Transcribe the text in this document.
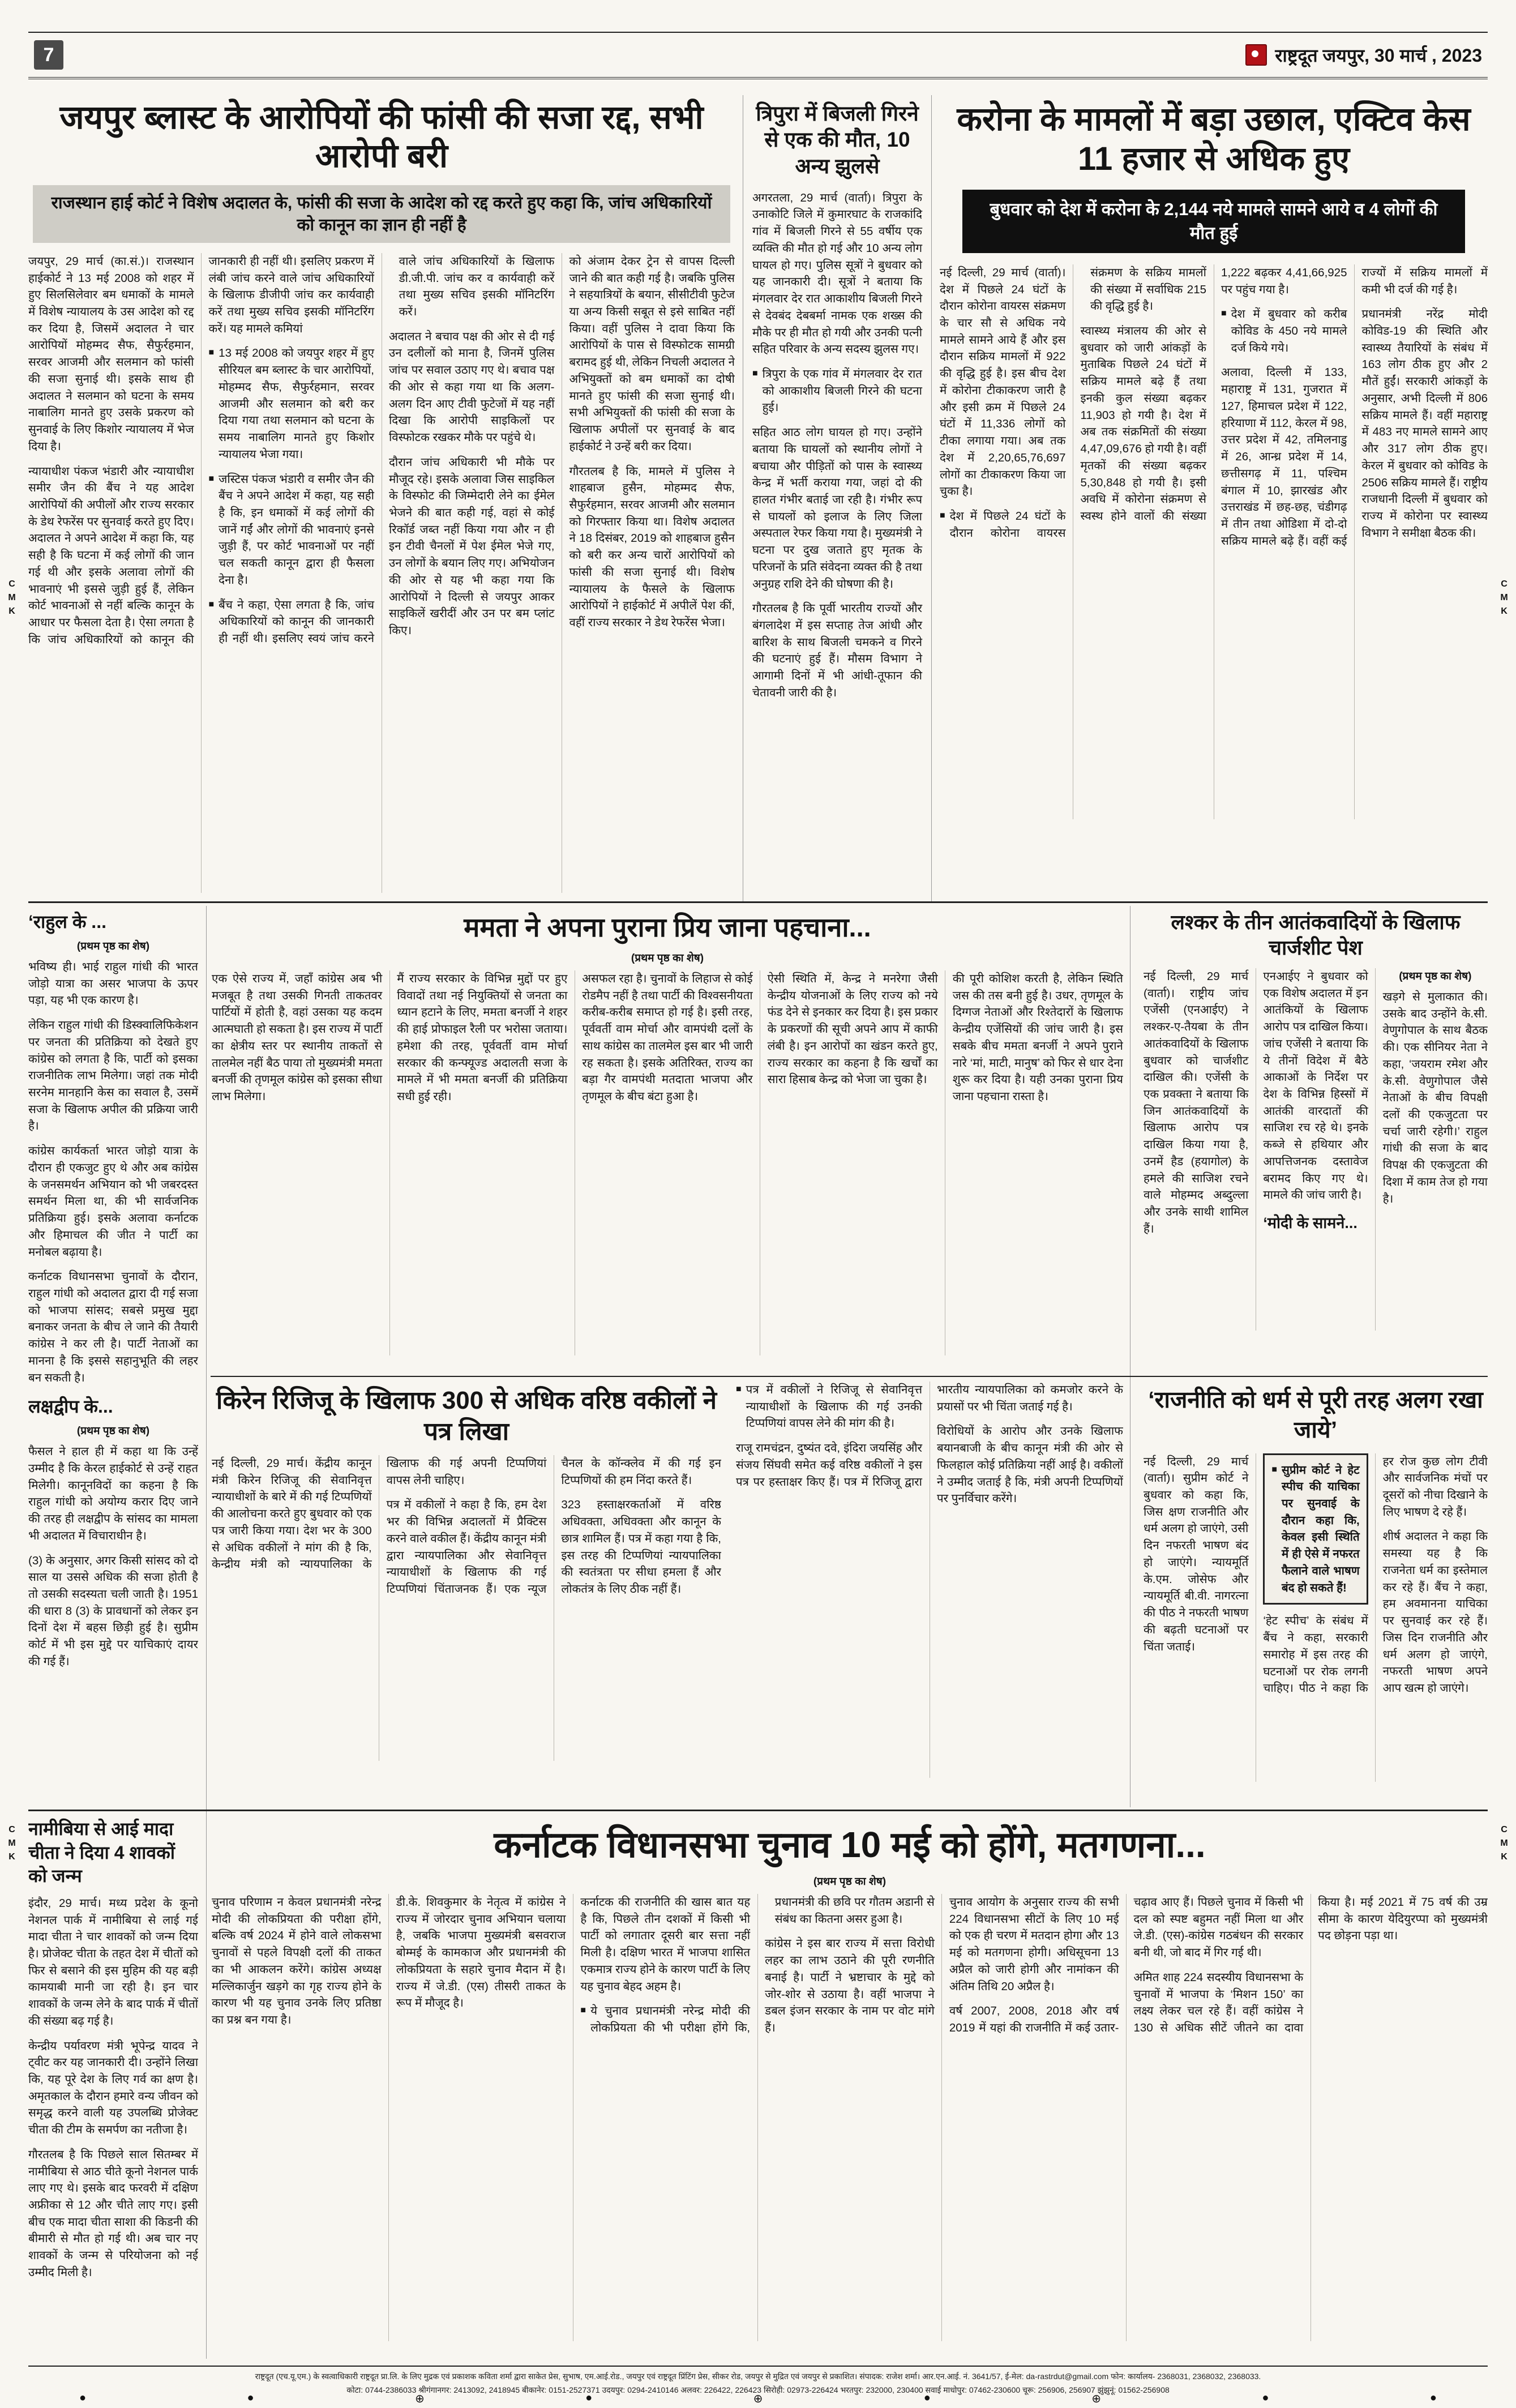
7	राष्ट्रदूत जयपुर, 30 मार्च , 2023
जयपुर ब्लास्ट के आरोपियों की फांसी की सजा रद्द, सभी आरोपी बरी
राजस्थान हाई कोर्ट ने विशेष अदालत के, फांसी की सजा के आदेश को रद्द करते हुए कहा कि, जांच अधिकारियों को कानून का ज्ञान ही नहीं है

जयपुर, 29 मार्च (का.सं.)। राजस्थान हाईकोर्ट ने 13 मई 2008 को शहर में हुए सिलसिलेवार बम धमाकों के मामले में विशेष न्यायालय के उस आदेश को रद्द कर दिया है, जिसमें अदालत ने चार आरोपियों मोहम्मद सैफ, सैफुर्रहमान, सरवर आजमी और सलमान को फांसी की सजा सुनाई थी। इसके साथ ही अदालत ने सलमान को घटना के समय नाबालिग मानते हुए उसके प्रकरण को सुनवाई के लिए किशोर न्यायालय में भेज दिया है।

न्यायाधीश पंकज भंडारी और न्यायाधीश समीर जैन की बैंच ने यह आदेश आरोपियों की अपीलों और राज्य सरकार के डेथ रेफरेंस पर सुनवाई करते हुए दिए। अदालत ने अपने आदेश में कहा कि, यह सही है कि घटना में कई लोगों की जान गई थी और इसके अलावा लोगों की भावनाएं भी इससे जुड़ी हुई हैं, लेकिन कोर्ट भावनाओं से नहीं बल्कि कानून के आधार पर फैसला देता है। ऐसा लगता है कि जांच अधिकारियों को कानून की जानकारी ही नहीं थी। इसलिए प्रकरण में लंबी जांच करने वाले जांच अधिकारियों के खिलाफ डीजीपी जांच कर कार्यवाही करें तथा मुख्य सचिव इसकी मॉनिटरिंग करें। यह मामले कमियां

■ 13 मई 2008 को जयपुर शहर में हुए सीरियल बम ब्लास्ट के चार आरोपियों, मोहम्मद सैफ, सैफुर्रहमान, सरवर आजमी और सलमान को बरी कर दिया गया तथा सलमान को घटना के समय नाबालिग मानते हुए किशोर न्यायालय भेजा गया।

■ जस्टिस पंकज भंडारी व समीर जैन की बैंच ने अपने आदेश में कहा, यह सही है कि, इन धमाकों में कई लोगों की जानें गईं और लोगों की भावनाएं इनसे जुड़ी हैं, पर कोर्ट भावनाओं पर नहीं चल सकती कानून द्वारा ही फैसला देना है।

■ बैंच ने कहा, ऐसा लगता है कि, जांच अधिकारियों को कानून की जानकारी ही नहीं थी। इसलिए स्वयं जांच करने वाले जांच अधिकारियों के खिलाफ डी.जी.पी. जांच कर व कार्यवाही करें तथा मुख्य सचिव इसकी मॉनिटरिंग करें।

अदालत ने बचाव पक्ष की ओर से दी गई उन दलीलों को माना है, जिनमें पुलिस जांच पर सवाल उठाए गए थे। बचाव पक्ष की ओर से कहा गया था कि अलग-अलग दिन आए टीवी फुटेजों में यह नहीं दिखा कि आरोपी साइकिलों पर विस्फोटक रखकर मौके पर पहुंचे थे।

दौरान जांच अधिकारी भी मौके पर मौजूद रहे। इसके अलावा जिस साइकिल के विस्फोट की जिम्मेदारी लेने का ईमेल भेजने की बात कही गई, वहां से कोई रिकॉर्ड जब्त नहीं किया गया और न ही इन टीवी चैनलों में पेश ईमेल भेजे गए, उन लोगों के बयान लिए गए। अभियोजन की ओर से यह भी कहा गया कि आरोपियों ने दिल्ली से जयपुर आकर साइकिलें खरीदीं और उन पर बम प्लांट किए।

को अंजाम देकर ट्रेन से वापस दिल्ली जाने की बात कही गई है। जबकि पुलिस ने सहयात्रियों के बयान, सीसीटीवी फुटेज या अन्य किसी सबूत से इसे साबित नहीं किया। वहीं पुलिस ने दावा किया कि आरोपियों के पास से विस्फोटक सामग्री बरामद हुई थी, लेकिन निचली अदालत ने अभियुक्तों को बम धमाकों का दोषी मानते हुए फांसी की सजा सुनाई थी। सभी अभियुक्तों की फांसी की सजा के खिलाफ अपीलों पर सुनवाई के बाद हाईकोर्ट ने उन्हें बरी कर दिया।

गौरतलब है कि, मामले में पुलिस ने शाहबाज हुसैन, मोहम्मद सैफ, सैफुर्रहमान, सरवर आजमी और सलमान को गिरफ्तार किया था। विशेष अदालत ने 18 दिसंबर, 2019 को शाहबाज हुसैन को बरी कर अन्य चारों आरोपियों को फांसी की सजा सुनाई थी। विशेष न्यायालय के फैसले के खिलाफ आरोपियों ने हाईकोर्ट में अपीलें पेश कीं, वहीं राज्य सरकार ने डेथ रेफरेंस भेजा।

त्रिपुरा में बिजली गिरने से एक की मौत, 10 अन्य झुलसे

अगरतला, 29 मार्च (वार्ता)। त्रिपुरा के उनाकोटि जिले में कुमारघाट के राजकांदि गांव में बिजली गिरने से 55 वर्षीय एक व्यक्ति की मौत हो गई और 10 अन्य लोग घायल हो गए। पुलिस सूत्रों ने बुधवार को यह जानकारी दी। सूत्रों ने बताया कि मंगलवार देर रात आकाशीय बिजली गिरने से देवबंद देबबर्मा नामक एक शख्स की मौके पर ही मौत हो गयी और उनकी पत्नी सहित परिवार के अन्य सदस्य झुलस गए।

■ त्रिपुरा के एक गांव में मंगलवार देर रात को आकाशीय बिजली गिरने की घटना हुई।

सहित आठ लोग घायल हो गए। उन्होंने बताया कि घायलों को स्थानीय लोगों ने बचाया और पीड़ितों को पास के स्वास्थ्य केन्द्र में भर्ती कराया गया, जहां दो की हालत गंभीर बताई जा रही है। गंभीर रूप से घायलों को इलाज के लिए जिला अस्पताल रेफर किया गया है। मुख्यमंत्री ने घटना पर दुख जताते हुए मृतक के परिजनों के प्रति संवेदना व्यक्त की है तथा अनुग्रह राशि देने की घोषणा की है।

गौरतलब है कि पूर्वी भारतीय राज्यों और बंगलादेश में इस सप्ताह तेज आंधी और बारिश के साथ बिजली चमकने व गिरने की घटनाएं हुई हैं। मौसम विभाग ने आगामी दिनों में भी आंधी-तूफान की चेतावनी जारी की है।

करोना के मामलों में बड़ा उछाल, एक्टिव केस 11 हजार से अधिक हुए
बुधवार को देश में करोना के 2,144 नये मामले सामने आये व 4 लोगों की मौत हुई

नई दिल्ली, 29 मार्च (वार्ता)। देश में पिछले 24 घंटों के दौरान कोरोना वायरस संक्रमण के चार सौ से अधिक नये मामले सामने आये हैं और इस दौरान सक्रिय मामलों में 922 की वृद्धि हुई है। इस बीच देश में कोरोना टीकाकरण जारी है और इसी क्रम में पिछले 24 घंटों में 11,336 लोगों को टीका लगाया गया। अब तक देश में 2,20,65,76,697 लोगों का टीकाकरण किया जा चुका है।

■ देश में पिछले 24 घंटों के दौरान कोरोना वायरस संक्रमण के सक्रिय मामलों की संख्या में सर्वाधिक 215 की वृद्धि हुई है।

स्वास्थ्य मंत्रालय की ओर से बुधवार को जारी आंकड़ों के मुताबिक पिछले 24 घंटों में सक्रिय मामले बढ़े हैं तथा इनकी कुल संख्या बढ़कर 11,903 हो गयी है। देश में अब तक संक्रमितों की संख्या 4,47,09,676 हो गयी है। वहीं मृतकों की संख्या बढ़कर 5,30,848 हो गयी है। इसी अवधि में कोरोना संक्रमण से स्वस्थ होने वालों की संख्या 1,222 बढ़कर 4,41,66,925 पर पहुंच गया है।

■ देश में बुधवार को करीब कोविड के 450 नये मामले दर्ज किये गये।

अलावा, दिल्ली में 133, महाराष्ट्र में 131, गुजरात में 127, हिमाचल प्रदेश में 122, हरियाणा में 112, केरल में 98, उत्तर प्रदेश में 42, तमिलनाडु में 26, आन्ध्र प्रदेश में 14, छत्तीसगढ़ में 11, पश्चिम बंगाल में 10, झारखंड और उत्तराखंड में छह-छह, चंडीगढ़ में तीन तथा ओडिशा में दो-दो सक्रिय मामले बढ़े हैं। वहीं कई राज्यों में सक्रिय मामलों में कमी भी दर्ज की गई है।

प्रधानमंत्री नरेंद्र मोदी कोविड-19 की स्थिति और स्वास्थ्य तैयारियों के संबंध में 163 लोग ठीक हुए और 2 मौतें हुईं। सरकारी आंकड़ों के अनुसार, अभी दिल्ली में 806 सक्रिय मामले हैं। वहीं महाराष्ट्र में 483 नए मामले सामने आए और 317 लोग ठीक हुए। केरल में बुधवार को कोविड के 2506 सक्रिय मामले हैं। राष्ट्रीय राजधानी दिल्ली में बुधवार को राज्य में कोरोना पर स्वास्थ्य विभाग ने समीक्षा बैठक की।

‘राहुल के ...
(प्रथम पृष्ठ का शेष)

भविष्य ही। भाई राहुल गांधी की भारत जोड़ो यात्रा का असर भाजपा के ऊपर पड़ा, यह भी एक कारण है।

लेकिन राहुल गांधी की डिस्क्वालिफिकेशन पर जनता की प्रतिक्रिया को देखते हुए कांग्रेस को लगता है कि, पार्टी को इसका राजनीतिक लाभ मिलेगा। जहां तक मोदी सरनेम मानहानि केस का सवाल है, उसमें सजा के खिलाफ अपील की प्रक्रिया जारी है।

कांग्रेस कार्यकर्ता भारत जोड़ो यात्रा के दौरान ही एकजुट हुए थे और अब कांग्रेस के जनसमर्थन अभियान को भी जबरदस्त समर्थन मिला था, की भी सार्वजनिक प्रतिक्रिया हुई। इसके अलावा कर्नाटक और हिमाचल की जीत ने पार्टी का मनोबल बढ़ाया है।

कर्नाटक विधानसभा चुनावों के दौरान, राहुल गांधी को अदालत द्वारा दी गई सजा को भाजपा सांसद; सबसे प्रमुख मुद्दा बनाकर जनता के बीच ले जाने की तैयारी कांग्रेस ने कर ली है। पार्टी नेताओं का मानना है कि इससे सहानुभूति की लहर बन सकती है।

लक्षद्वीप के...
(प्रथम पृष्ठ का शेष)

फैसल ने हाल ही में कहा था कि उन्हें उम्मीद है कि केरल हाईकोर्ट से उन्हें राहत मिलेगी। कानूनविदों का कहना है कि राहुल गांधी को अयोग्य करार दिए जाने की तरह ही लक्षद्वीप के सांसद का मामला भी अदालत में विचाराधीन है।

(3) के अनुसार, अगर किसी सांसद को दो साल या उससे अधिक की सजा होती है तो उसकी सदस्यता चली जाती है। 1951 की धारा 8 (3) के प्रावधानों को लेकर इन दिनों देश में बहस छिड़ी हुई है। सुप्रीम कोर्ट में भी इस मुद्दे पर याचिकाएं दायर की गई हैं।

ममता ने अपना पुराना प्रिय जाना पहचाना...
(प्रथम पृष्ठ का शेष)

एक ऐसे राज्य में, जहाँ कांग्रेस अब भी मजबूत है तथा उसकी गिनती ताकतवर पार्टियों में होती है, वहां उसका यह कदम आत्मघाती हो सकता है। इस राज्य में पार्टी का क्षेत्रीय स्तर पर स्थानीय ताकतों से तालमेल नहीं बैठ पाया तो मुख्यमंत्री ममता बनर्जी की तृणमूल कांग्रेस को इसका सीधा लाभ मिलेगा।

मैं राज्य सरकार के विभिन्न मुद्दों पर हुए विवादों तथा नई नियुक्तियों से जनता का ध्यान हटाने के लिए, ममता बनर्जी ने शहर की हाई प्रोफाइल रैली पर भरोसा जताया। हमेशा की तरह, पूर्ववर्ती वाम मोर्चा सरकार की कन्फ्यूज्ड अदालती सजा के मामले में भी ममता बनर्जी की प्रतिक्रिया सधी हुई रही।

असफल रहा है। चुनावों के लिहाज से कोई रोडमैप नहीं है तथा पार्टी की विश्वसनीयता करीब-करीब समाप्त हो गई है। इसी तरह, पूर्ववर्ती वाम मोर्चा और वामपंथी दलों के साथ कांग्रेस का तालमेल इस बार भी जारी रह सकता है। इसके अतिरिक्त, राज्य का बड़ा गैर वामपंथी मतदाता भाजपा और तृणमूल के बीच बंटा हुआ है।

ऐसी स्थिति में, केन्द्र ने मनरेगा जैसी केन्द्रीय योजनाओं के लिए राज्य को नये फंड देने से इनकार कर दिया है। इस प्रकार के प्रकरणों की सूची अपने आप में काफी लंबी है। इन आरोपों का खंडन करते हुए, राज्य सरकार का कहना है कि खर्चों का सारा हिसाब केन्द्र को भेजा जा चुका है।

की पूरी कोशिश करती है, लेकिन स्थिति जस की तस बनी हुई है। उधर, तृणमूल के दिग्गज नेताओं और रिश्तेदारों के खिलाफ केन्द्रीय एजेंसियों की जांच जारी है। इस सबके बीच ममता बनर्जी ने अपने पुराने नारे ‘मां, माटी, मानुष’ को फिर से धार देना शुरू कर दिया है। यही उनका पुराना प्रिय जाना पहचाना रास्ता है।

लश्कर के तीन आतंकवादियों के खिलाफ चार्जशीट पेश

नई दिल्ली, 29 मार्च (वार्ता)। राष्ट्रीय जांच एजेंसी (एनआईए) ने लश्कर-ए-तैयबा के तीन आतंकवादियों के खिलाफ बुधवार को चार्जशीट दाखिल की। एजेंसी के एक प्रवक्ता ने बताया कि जिन आतंकवादियों के खिलाफ आरोप पत्र दाखिल किया गया है, उनमें हैड (हयागोल) के हमले की साजिश रचने वाले मोहम्मद अब्दुल्ला और उनके साथी शामिल हैं।

एनआईए ने बुधवार को एक विशेष अदालत में इन आतंकियों के खिलाफ आरोप पत्र दाखिल किया। जांच एजेंसी ने बताया कि ये तीनों विदेश में बैठे आकाओं के निर्देश पर देश के विभिन्न हिस्सों में आतंकी वारदातों की साजिश रच रहे थे। इनके कब्जे से हथियार और आपत्तिजनक दस्तावेज बरामद किए गए थे। मामले की जांच जारी है।

‘मोदी के सामने...
(प्रथम पृष्ठ का शेष)

खड़गे से मुलाकात की। उसके बाद उन्होंने के.सी. वेणुगोपाल के साथ बैठक की। एक सीनियर नेता ने कहा, ‘जयराम रमेश और के.सी. वेणुगोपाल जैसे नेताओं के बीच विपक्षी दलों की एकजुटता पर चर्चा जारी रहेगी।’ राहुल गांधी की सजा के बाद विपक्ष की एकजुटता की दिशा में काम तेज हो गया है।

किरेन रिजिजू के खिलाफ 300 से अधिक वरिष्ठ वकीलों ने पत्र लिखा

नई दिल्ली, 29 मार्च। केंद्रीय कानून मंत्री किरेन रिजिजू की सेवानिवृत्त न्यायाधीशों के बारे में की गई टिप्पणियों की आलोचना करते हुए बुधवार को एक पत्र जारी किया गया। देश भर के 300 से अधिक वकीलों ने मांग की है कि, केन्द्रीय मंत्री को न्यायपालिका के खिलाफ की गई अपनी टिप्पणियां वापस लेनी चाहिए।

पत्र में वकीलों ने कहा है कि, हम देश भर की विभिन्न अदालतों में प्रैक्टिस करने वाले वकील हैं। केंद्रीय कानून मंत्री द्वारा न्यायपालिका और सेवानिवृत्त न्यायाधीशों के खिलाफ की गई टिप्पणियां चिंताजनक हैं। एक न्यूज चैनल के कॉन्क्लेव में की गई इन टिप्पणियों की हम निंदा करते हैं।

323 हस्ताक्षरकर्ताओं में वरिष्ठ अधिवक्ता, अधिवक्ता और कानून के छात्र शामिल हैं। पत्र में कहा गया है कि, इस तरह की टिप्पणियां न्यायपालिका की स्वतंत्रता पर सीधा हमला हैं और लोकतंत्र के लिए ठीक नहीं हैं।

■ पत्र में वकीलों ने रिजिजू से सेवानिवृत्त न्यायाधीशों के खिलाफ की गई उनकी टिप्पणियां वापस लेने की मांग की है।

राजू रामचंद्रन, दुष्यंत दवे, इंदिरा जयसिंह और संजय सिंघवी समेत कई वरिष्ठ वकीलों ने इस पत्र पर हस्ताक्षर किए हैं। पत्र में रिजिजू द्वारा भारतीय न्यायपालिका को कमजोर करने के प्रयासों पर भी चिंता जताई गई है।

विरोधियों के आरोप और उनके खिलाफ बयानबाजी के बीच कानून मंत्री की ओर से फिलहाल कोई प्रतिक्रिया नहीं आई है। वकीलों ने उम्मीद जताई है कि, मंत्री अपनी टिप्पणियों पर पुनर्विचार करेंगे।

‘राजनीति को धर्म से पूरी तरह अलग रखा जाये’

नई दिल्ली, 29 मार्च (वार्ता)। सुप्रीम कोर्ट ने बुधवार को कहा कि, जिस क्षण राजनीति और धर्म अलग हो जाएंगे, उसी दिन नफरती भाषण बंद हो जाएंगे। न्यायमूर्ति के.एम. जोसेफ और न्यायमूर्ति बी.वी. नागरत्ना की पीठ ने नफरती भाषण की बढ़ती घटनाओं पर चिंता जताई।

■ सुप्रीम कोर्ट ने हेट स्पीच की याचिका पर सुनवाई के दौरान कहा कि, केवल इसी स्थिति में ही ऐसे में नफरत फैलाने वाले भाषण बंद हो सकते हैं!

‘हेट स्पीच’ के संबंध में बैंच ने कहा, सरकारी समारोह में इस तरह की घटनाओं पर रोक लगनी चाहिए। पीठ ने कहा कि हर रोज कुछ लोग टीवी और सार्वजनिक मंचों पर दूसरों को नीचा दिखाने के लिए भाषण दे रहे हैं।

शीर्ष अदालत ने कहा कि समस्या यह है कि राजनेता धर्म का इस्तेमाल कर रहे हैं। बैंच ने कहा, हम अवमानना याचिका पर सुनवाई कर रहे हैं। जिस दिन राजनीति और धर्म अलग हो जाएंगे, नफरती भाषण अपने आप खत्म हो जाएंगे।

नामीबिया से आई मादा चीता ने दिया 4 शावकों को जन्म

इंदौर, 29 मार्च। मध्य प्रदेश के कूनो नेशनल पार्क में नामीबिया से लाई गई मादा चीता ने चार शावकों को जन्म दिया है। प्रोजेक्ट चीता के तहत देश में चीतों को फिर से बसाने की इस मुहिम की यह बड़ी कामयाबी मानी जा रही है। इन चार शावकों के जन्म लेने के बाद पार्क में चीतों की संख्या बढ़ गई है।

केन्द्रीय पर्यावरण मंत्री भूपेन्द्र यादव ने ट्वीट कर यह जानकारी दी। उन्होंने लिखा कि, यह पूरे देश के लिए गर्व का क्षण है। अमृतकाल के दौरान हमारे वन्य जीवन को समृद्ध करने वाली यह उपलब्धि प्रोजेक्ट चीता की टीम के समर्पण का नतीजा है।

गौरतलब है कि पिछले साल सितम्बर में नामीबिया से आठ चीते कूनो नेशनल पार्क लाए गए थे। इसके बाद फरवरी में दक्षिण अफ्रीका से 12 और चीते लाए गए। इसी बीच एक मादा चीता साशा की किडनी की बीमारी से मौत हो गई थी। अब चार नए शावकों के जन्म से परियोजना को नई उम्मीद मिली है।

कर्नाटक विधानसभा चुनाव 10 मई को होंगे, मतगणना...
(प्रथम पृष्ठ का शेष)

चुनाव परिणाम न केवल प्रधानमंत्री नरेन्द्र मोदी की लोकप्रियता की परीक्षा होंगे, बल्कि वर्ष 2024 में होने वाले लोकसभा चुनावों से पहले विपक्षी दलों की ताकत का भी आकलन करेंगे। कांग्रेस अध्यक्ष मल्लिकार्जुन खड़गे का गृह राज्य होने के कारण भी यह चुनाव उनके लिए प्रतिष्ठा का प्रश्न बन गया है।

डी.के. शिवकुमार के नेतृत्व में कांग्रेस ने राज्य में जोरदार चुनाव अभियान चलाया है, जबकि भाजपा मुख्यमंत्री बसवराज बोम्मई के कामकाज और प्रधानमंत्री की लोकप्रियता के सहारे चुनाव मैदान में है। राज्य में जे.डी. (एस) तीसरी ताकत के रूप में मौजूद है।

कर्नाटक की राजनीति की खास बात यह है कि, पिछले तीन दशकों में किसी भी पार्टी को लगातार दूसरी बार सत्ता नहीं मिली है। दक्षिण भारत में भाजपा शासित एकमात्र राज्य होने के कारण पार्टी के लिए यह चुनाव बेहद अहम है।

■ ये चुनाव प्रधानमंत्री नरेन्द्र मोदी की लोकप्रियता की भी परीक्षा होंगे कि, प्रधानमंत्री की छवि पर गौतम अडानी से संबंध का कितना असर हुआ है।

कांग्रेस ने इस बार राज्य में सत्ता विरोधी लहर का लाभ उठाने की पूरी रणनीति बनाई है। पार्टी ने भ्रष्टाचार के मुद्दे को जोर-शोर से उठाया है। वहीं भाजपा ने डबल इंजन सरकार के नाम पर वोट मांगे हैं।

चुनाव आयोग के अनुसार राज्य की सभी 224 विधानसभा सीटों के लिए 10 मई को एक ही चरण में मतदान होगा और 13 मई को मतगणना होगी। अधिसूचना 13 अप्रैल को जारी होगी और नामांकन की अंतिम तिथि 20 अप्रैल है।

वर्ष 2007, 2008, 2018 और वर्ष 2019 में यहां की राजनीति में कई उतार-चढ़ाव आए हैं। पिछले चुनाव में किसी भी दल को स्पष्ट बहुमत नहीं मिला था और जे.डी. (एस)-कांग्रेस गठबंधन की सरकार बनी थी, जो बाद में गिर गई थी।

अमित शाह 224 सदस्यीय विधानसभा के चुनावों में भाजपा के ‘मिशन 150’ का लक्ष्य लेकर चल रहे हैं। वहीं कांग्रेस ने 130 से अधिक सीटें जीतने का दावा किया है। मई 2021 में 75 वर्ष की उम्र सीमा के कारण येदियुरप्पा को मुख्यमंत्री पद छोड़ना पड़ा था।

राष्ट्रदूत (एच.यू.एम.) के स्वत्वाधिकारी राष्ट्रदूत प्रा.लि. के लिए मुद्रक एवं प्रकाशक कविता शर्मा द्वारा साकेत प्रेस, सुभाष, एम.आई.रोड., जयपुर एवं राष्ट्रदूत प्रिंटिंग प्रेस, सीकर रोड, जयपुर से मुद्रित एवं जयपुर से प्रकाशित। संपादक: राजेश शर्मा। आर.एन.आई. नं. 3641/57, ई-मेल: da-rastrdut@gmail.com फोन: कार्यालय- 2368031, 2368032, 2368033.

कोटा: 0744-2386033 श्रीगंगानगर: 2413092, 2418945 बीकानेर: 0151-2527371 उदयपुर: 0294-2410146 अलवर: 226422, 226423 सिरोही: 02973-226424 भरतपुर: 232000, 230400 सवाई माधोपुर: 07462-230600 चूरू: 256906, 256907 झुंझुनूं: 01562-256908

●	●	⊕	●	⊕	●	⊕	●	●
C
M
K
C
M
K
C
M
K
C
M
K
